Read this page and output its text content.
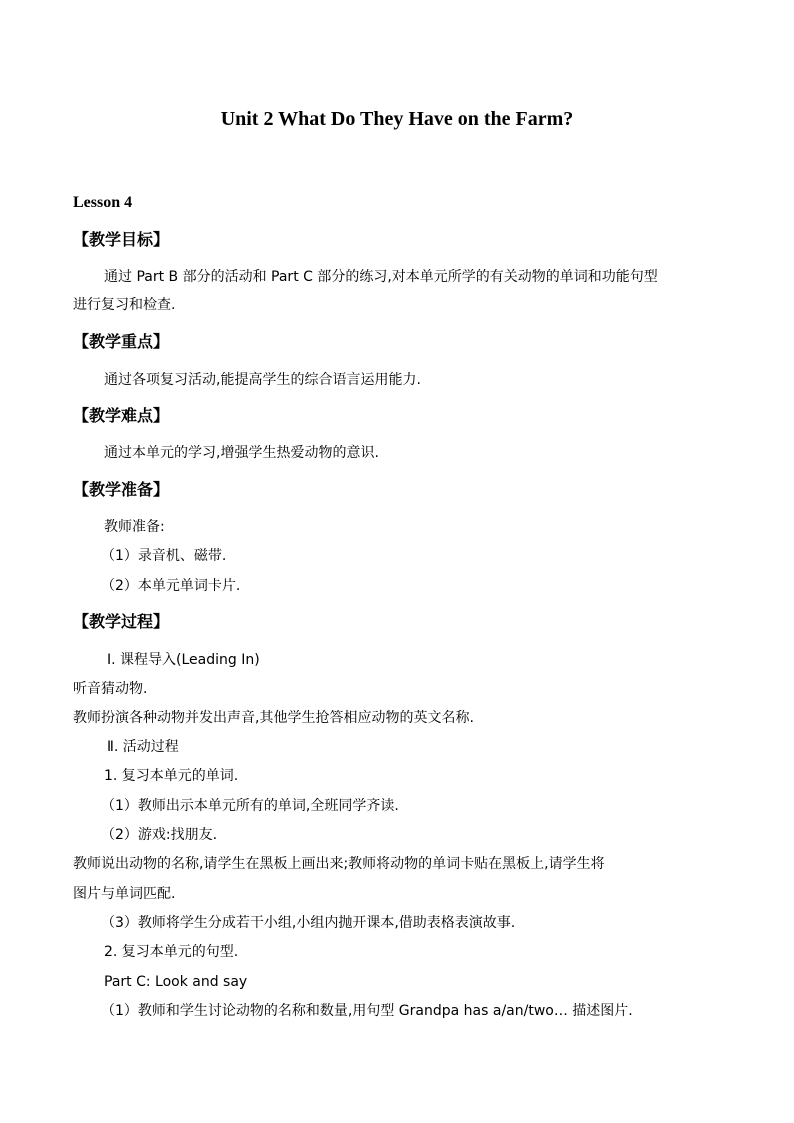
Unit 2 What Do They Have on the Farm?
Lesson 4
【教学目标】
通过 Part B 部分的活动和 Part C 部分的练习,对本单元所学的有关动物的单词和功能句型
进行复习和检查.
【教学重点】
通过各项复习活动,能提高学生的综合语言运用能力.
【教学难点】
通过本单元的学习,增强学生热爱动物的意识.
【教学准备】
教师准备:
（1）录音机、磁带.
（2）本单元单词卡片.
【教学过程】
Ⅰ. 课程导入(Leading In)
听音猜动物.
教师扮演各种动物并发出声音,其他学生抢答相应动物的英文名称.
Ⅱ. 活动过程
1. 复习本单元的单词.
（1）教师出示本单元所有的单词,全班同学齐读.
（2）游戏:找朋友.
教师说出动物的名称,请学生在黑板上画出来;教师将动物的单词卡贴在黑板上,请学生将
图片与单词匹配.
（3）教师将学生分成若干小组,小组内抛开课本,借助表格表演故事.
2. 复习本单元的句型.
Part C: Look and say
（1）教师和学生讨论动物的名称和数量,用句型 Grandpa has a/an/two… 描述图片.
